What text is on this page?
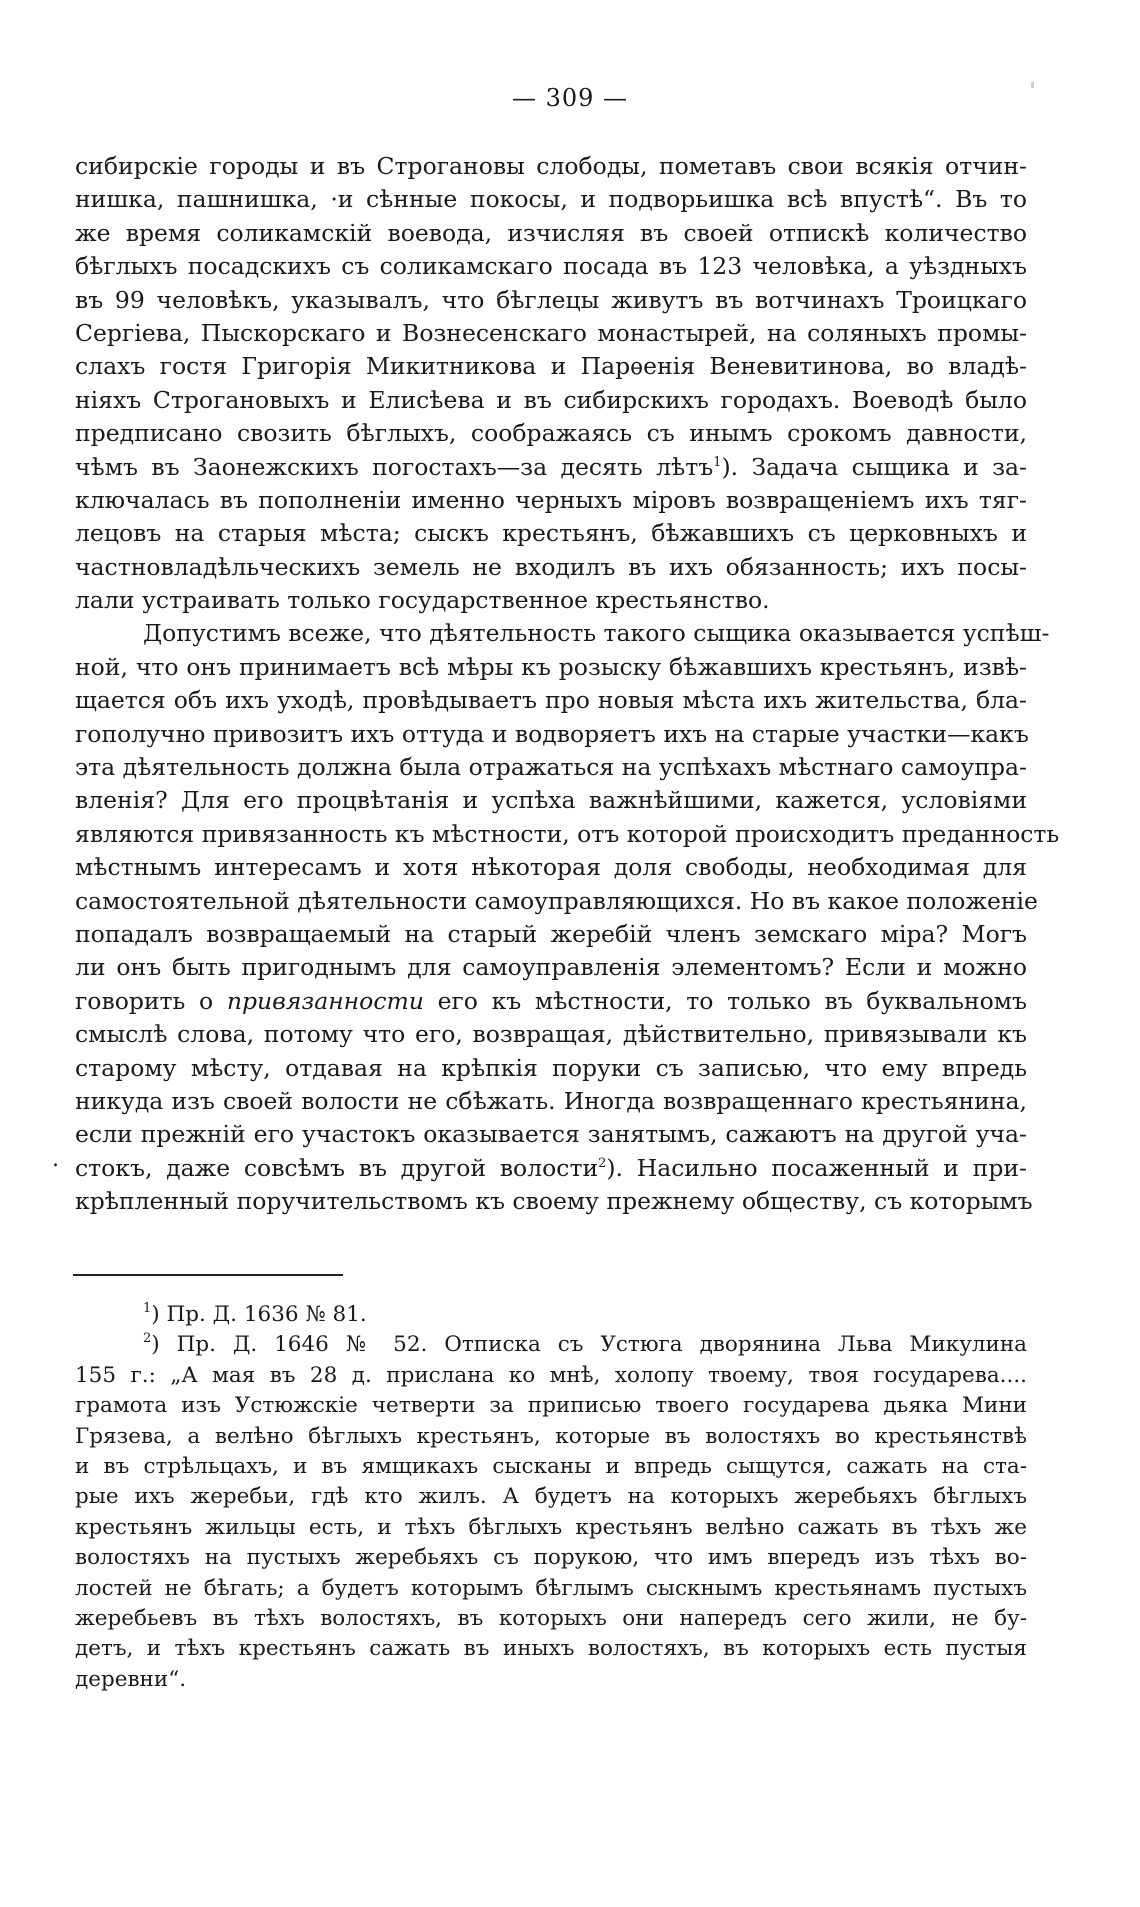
— 309 —
сибирскіе городы и въ Строгановы слободы, пометавъ свои всякія отчин-
нишка, пашнишка, ·и сѣнные покосы, и подворьишка всѣ впустѣ“. Въ то
же время соликамскій воевода, изчисляя въ своей отпискѣ количество
бѣглыхъ посадскихъ съ соликамскаго посада въ 123 человѣка, а уѣздныхъ
въ 99 человѣкъ, указывалъ, что бѣглецы живутъ въ вотчинахъ Троицкаго
Сергіева, Пыскорскаго и Вознесенскаго монастырей, на соляныхъ промы-
слахъ гостя Григорія Микитникова и Парѳенія Веневитинова, во владѣ-
ніяхъ Строгановыхъ и Елисѣева и въ сибирскихъ городахъ. Воеводѣ было
предписано свозить бѣглыхъ, соображаясь съ инымъ срокомъ давности,
чѣмъ въ Заонежскихъ погостахъ—за десять лѣтъ$^1$). Задача сыщика и за-
ключалась въ пополненіи именно черныхъ міровъ возвращеніемъ ихъ тяг-
лецовъ на старыя мѣста; сыскъ крестьянъ, бѣжавшихъ съ церковныхъ и
частновладѣльческихъ земель не входилъ въ ихъ обязанность; ихъ посы-
лали устраивать только государственное крестьянство.
Допустимъ всеже, что дѣятельность такого сыщика оказывается успѣш-
ной, что онъ принимаетъ всѣ мѣры къ розыску бѣжавшихъ крестьянъ, извѣ-
щается объ ихъ уходѣ, провѣдываетъ про новыя мѣста ихъ жительства, бла-
гополучно привозитъ ихъ оттуда и водворяетъ ихъ на старые участки—какъ
эта дѣятельность должна была отражаться на успѣхахъ мѣстнаго самоупра-
вленія? Для его процвѣтанія и успѣха важнѣйшими, кажется, условіями
являются привязанность къ мѣстности, отъ которой происходитъ преданность
мѣстнымъ интересамъ и хотя нѣкоторая доля свободы, необходимая для
самостоятельной дѣятельности самоуправляющихся. Но въ какое положеніе
попадалъ возвращаемый на старый жеребій членъ земскаго міра? Могъ
ли онъ быть пригоднымъ для самоуправленія элементомъ? Если и можно
говорить о привязанности его къ мѣстности, то только въ буквальномъ
смыслѣ слова, потому что его, возвращая, дѣйствительно, привязывали къ
старому мѣсту, отдавая на крѣпкія поруки съ записью, что ему впредь
никуда изъ своей волости не сбѣжать. Иногда возвращеннаго крестьянина,
если прежній его участокъ оказывается занятымъ, сажаютъ на другой уча-
стокъ, даже совсѣмъ въ другой волости$^2$). Насильно посаженный и при-
крѣпленный поручительствомъ къ своему прежнему обществу, съ которымъ
.
$^1$) Пр. Д. 1636 № 81.
$^2$) Пр. Д. 1646 № 52. Отписка съ Устюга дворянина Льва Микулина
155 г.: „А мая въ 28 д. прислана ко мнѣ, холопу твоему, твоя государева....
грамота изъ Устюжскіе четверти за приписью твоего государева дьяка Мини
Грязева, а велѣно бѣглыхъ крестьянъ, которые въ волостяхъ во крестьянствѣ
и въ стрѣльцахъ, и въ ямщикахъ сысканы и впредь сыщутся, сажать на ста-
рые ихъ жеребьи, гдѣ кто жилъ. А будетъ на которыхъ жеребьяхъ бѣглыхъ
крестьянъ жильцы есть, и тѣхъ бѣглыхъ крестьянъ велѣно сажать въ тѣхъ же
волостяхъ на пустыхъ жеребьяхъ съ порукою, что имъ впередъ изъ тѣхъ во-
лостей не бѣгать; а будетъ которымъ бѣглымъ сыскнымъ крестьянамъ пустыхъ
жеребьевъ въ тѣхъ волостяхъ, въ которыхъ они напередъ сего жили, не бу-
детъ, и тѣхъ крестьянъ сажать въ иныхъ волостяхъ, въ которыхъ есть пустыя
деревни“.
